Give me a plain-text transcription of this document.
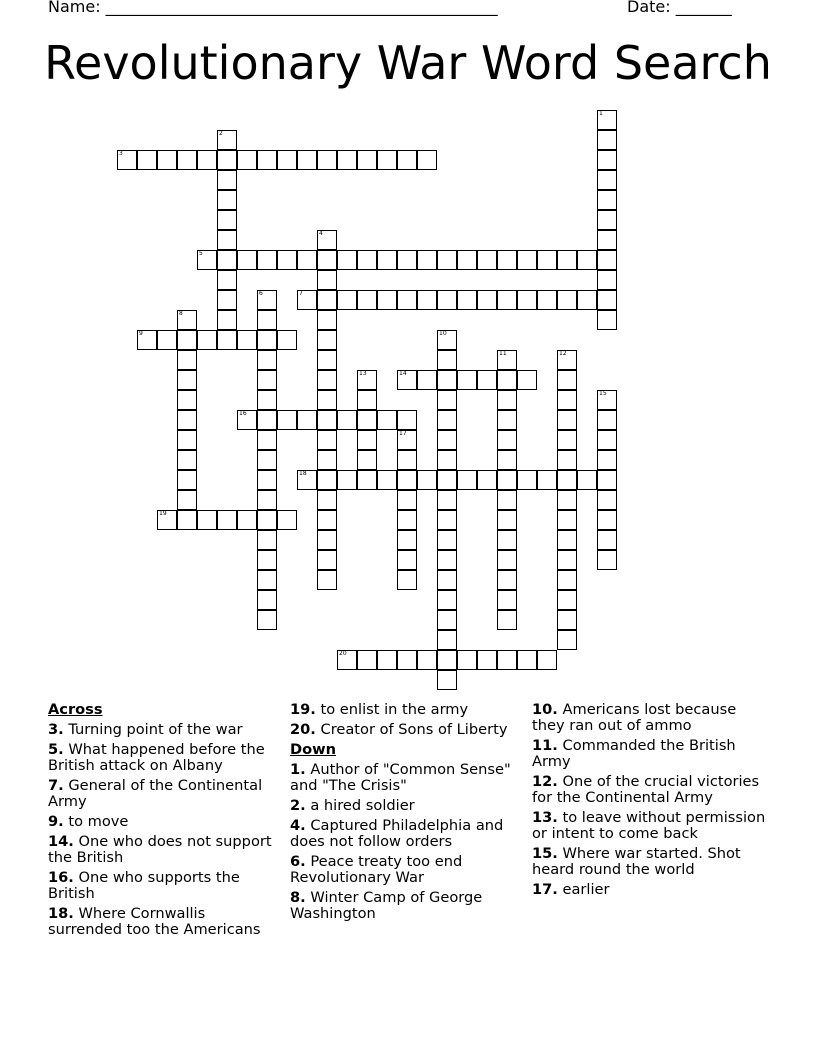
Name: _________________________________________________	Date: _______
Revolutionary War Word Search
1
2
3
4
5
6	7
8
9	10
11	12
13	14
15
16
17
18
19
20
Across
3. Turning point of the war
5. What happened before the British attack on Albany
7. General of the Continental Army
9. to move
14. One who does not support the British
16. One who supports the British
18. Where Cornwallis surrended too the Americans
19. to enlist in the army
20. Creator of Sons of Liberty
Down
1. Author of "Common Sense" and "The Crisis"
2. a hired soldier
4. Captured Philadelphia and does not follow orders
6. Peace treaty too end Revolutionary War
8. Winter Camp of George Washington
10. Americans lost because they ran out of ammo
11. Commanded the British Army
12. One of the crucial victories for the Continental Army
13. to leave without permission or intent to come back
15. Where war started. Shot heard round the world
17. earlier
